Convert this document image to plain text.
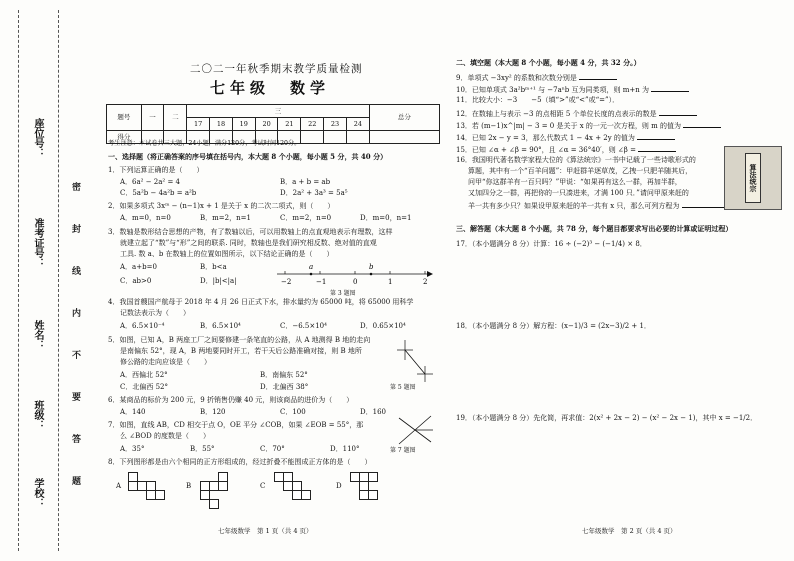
座位号：
准考证号：
姓名：
班级：
学校：
密
封
线
内
不
要
答
题
二〇二一年秋季期末教学质量检测
七年级　数学
题号	一	二	三								总分
			17	18	19	20	21	22	23	24	
得分											
考生注意：本试卷共三大题，24小题，满分120分，考试时间120分。
一、选择题（将正确答案的序号填在括号内，本大题 8 个小题，每小题 5 分，共 40 分）
1．下列运算正确的是（　　）
A．6a² − 2a² = 4	B．a + b = ab
C．5a²b − 4a²b = a²b	D．2a² + 3a³ = 5a⁵
2．如果多项式 3xᵐ − (n−1)x + 1 是关于 x 的二次二项式，则（　　）
A．m=0，n=0	B．m=2，n=1	C．m=2，n=0	D．m=0，n=1
3．数轴是数形结合思想的产物，有了数轴以后，可以用数轴上的点直观地表示有理数，这样
就建立起了“数”与“形”之间的联系. 同时，数轴也是我们研究相反数、绝对值的直观
工具. 数 a、b 在数轴上的位置如图所示，以下结论正确的是（　　）
A．a+b=0	B．b<a
C．ab>0	D．|b|<|a|	−2	−1	0	1	2
a	b
第 3 题图
4．我国首艘国产航母于 2018 年 4 月 26 日正式下水，排水量约为 65000 吨，将 65000 用科学
记数法表示为（　　）
A．6.5×10⁻⁴	B．6.5×10⁴	C．−6.5×10⁴	D．0.65×10⁴
5．如图，已知 A，B 两座工厂之间要修建一条笔直的公路，从 A 地测得 B 地的走向
是南偏东 52°，现 A，B 两地要同时开工，若干天后公路准确对接，则 B 地所
修公路的走向应该是（　　）
A．西偏北 52°	B．南偏东 52°
C．北偏西 52°	D．北偏西 38°	第 5 题图
6．某商品的标价为 200 元，9 折销售仍赚 40 元，则该商品的进价为（　　）
A．140	B．120	C．100	D．160
7．如图，直线 AB，CD 相交于点 O，OE 平分 ∠COB，如果 ∠EOB = 55°，那
么 ∠BOD 的度数是（　　）
A．35°	B．55°	C．70°	D．110°	第 7 题图
8．下列图形都是由六个相同的正方形组成的，经过折叠不能围成正方体的是（　　）
A	B	C	D
七年级数学　第 1 页（共 4 页）
二、填空题（本大题 8 个小题，每小题 4 分，共 32 分。）
9．单项式 −3xy² 的系数和次数分别是
10．已知单项式 3a²bᵐ⁺¹ 与 −7aⁿb 互为同类项，则 m+n 为
11．比较大小：−3　　−5（填“>”或“<”或“=”）．
12．在数轴上与表示 −3 的点相距 5 个单位长度的点表示的数是
13．若 (m−1)x^|m| − 3 = 0 是关于 x 的一元一次方程，则 m 的值为
14．已知 2x − y = 3，那么代数式 1 − 4x + 2y 的值为
15．已知 ∠α + ∠β = 90°，且 ∠α = 36°40′，则 ∠β =
16．我国明代著名数学家程大位的《算法统宗》一书中记载了一些诗歌形式的
算题，其中有一个“百羊问题”：甲赶群羊逐草茂，乙拽一只肥羊随其后，
问甲“你这群羊有一百只吗？”甲说：“如果再有这么一群，再加半群，
又加四分之一群，再把你的一只凑进来，才满 100 只．”请问甲原来赶的
羊一共有多少只？如果设甲原来赶的羊一共有 x 只，那么可列方程为
算法统宗
三、解答题（本大题 8 个小题，共 78 分，每个题目都要求写出必要的计算或证明过程）
17．（本小题满分 8 分）计算：16 ÷ (−2)³ − (−1/4) × 8．
18．（本小题满分 8 分）解方程：(x−1)/3 = (2x−3)/2 + 1．
19．（本小题满分 8 分）先化简，再求值：2(x² + 2x − 2) − (x² − 2x − 1)，其中 x = −1/2．
七年级数学　第 2 页（共 4 页）
